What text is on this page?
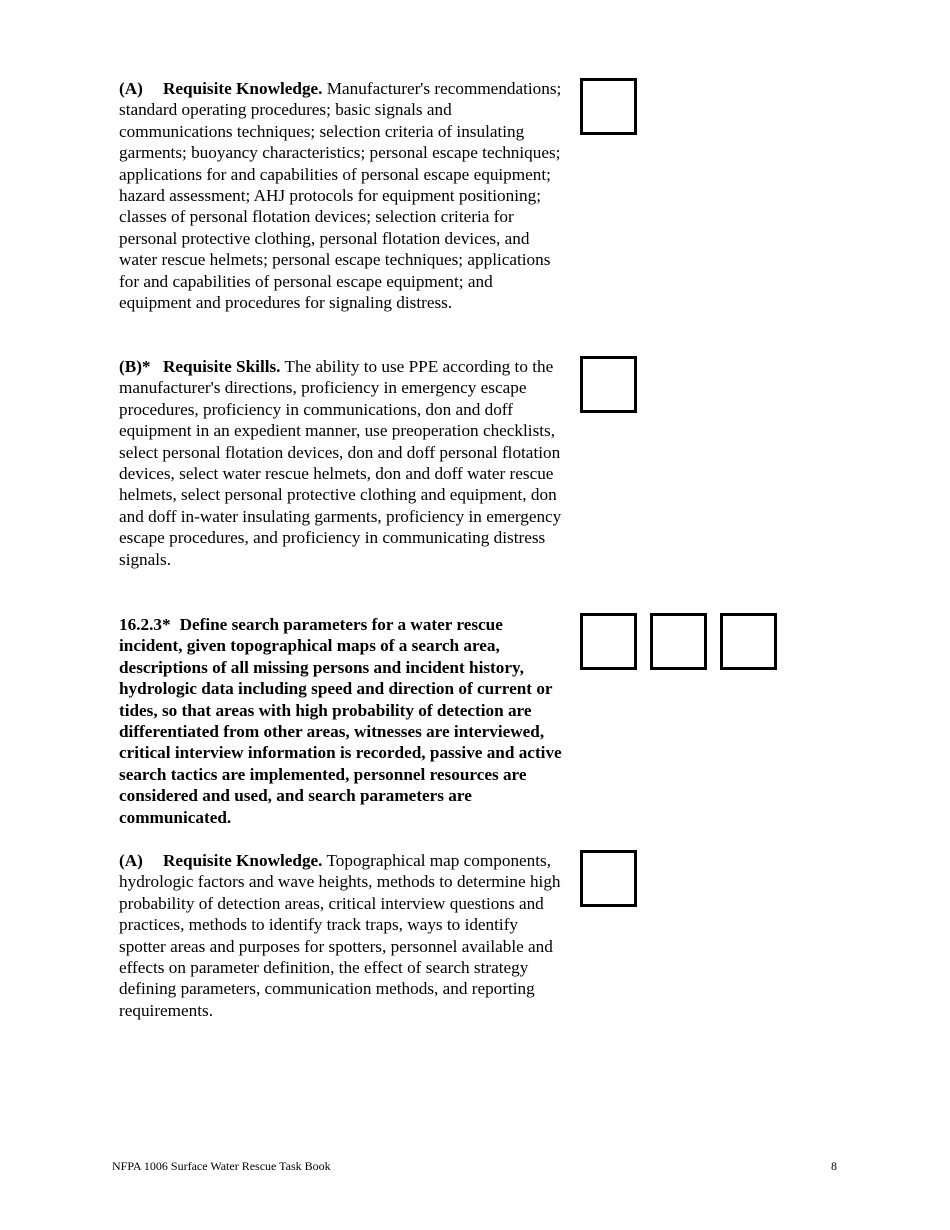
(A) Requisite Knowledge. Manufacturer's recommendations; standard operating procedures; basic signals and communications techniques; selection criteria of insulating garments; buoyancy characteristics; personal escape techniques; applications for and capabilities of personal escape equipment; hazard assessment; AHJ protocols for equipment positioning; classes of personal flotation devices; selection criteria for personal protective clothing, personal flotation devices, and water rescue helmets; personal escape techniques; applications for and capabilities of personal escape equipment; and equipment and procedures for signaling distress.

(B)* Requisite Skills. The ability to use PPE according to the manufacturer's directions, proficiency in emergency escape procedures, proficiency in communications, don and doff equipment in an expedient manner, use preoperation checklists, select personal flotation devices, don and doff personal flotation devices, select water rescue helmets, don and doff water rescue helmets, select personal protective clothing and equipment, don and doff in-water insulating garments, proficiency in emergency escape procedures, and proficiency in communicating distress signals.

16.2.3* Define search parameters for a water rescue incident, given topographical maps of a search area, descriptions of all missing persons and incident history, hydrologic data including speed and direction of current or tides, so that areas with high probability of detection are differentiated from other areas, witnesses are interviewed, critical interview information is recorded, passive and active search tactics are implemented, personnel resources are considered and used, and search parameters are communicated.

(A) Requisite Knowledge. Topographical map components, hydrologic factors and wave heights, methods to determine high probability of detection areas, critical interview questions and practices, methods to identify track traps, ways to identify spotter areas and purposes for spotters, personnel available and effects on parameter definition, the effect of search strategy defining parameters, communication methods, and reporting requirements.

NFPA 1006 Surface Water Rescue Task Book	8
